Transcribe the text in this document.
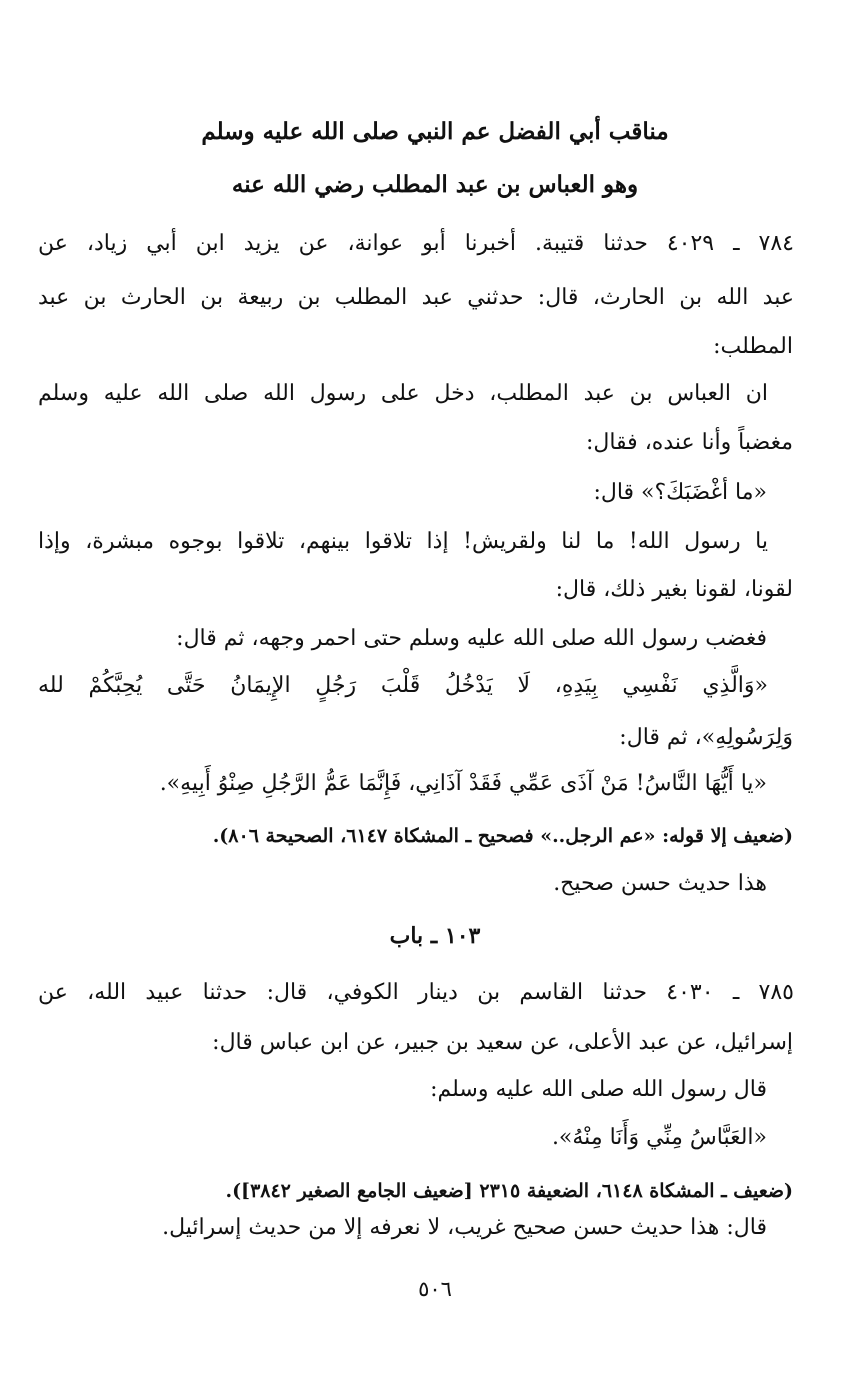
مناقب أبي الفضل عم النبي صلى الله عليه وسلم

وهو العباس بن عبد المطلب رضي الله عنه

٧٨٤ ـ ٤٠٢٩ حدثنا قتيبة. أخبرنا أبو عوانة، عن يزيد ابن أبي زياد، عن

عبد الله بن الحارث، قال: حدثني عبد المطلب بن ربيعة بن الحارث بن عبد

المطلب:

ان العباس بن عبد المطلب، دخل على رسول الله صلى الله عليه وسلم

مغضباً وأنا عنده، فقال:

«ما أغْضَبَكَ؟» قال:

يا رسول الله! ما لنا ولقريش! إذا تلاقوا بينهم، تلاقوا بوجوه مبشرة، وإذا

لقونا، لقونا بغير ذلك، قال:

فغضب رسول الله صلى الله عليه وسلم حتى احمر وجهه، ثم قال:

«وَالَّذِي نَفْسِي بِيَدِهِ، لَا يَدْخُلُ قَلْبَ رَجُلٍ الإِيمَانُ حَتَّى يُحِبَّكُمْ لله

وَلِرَسُولِهِ»، ثم قال:

«يا أَيُّهَا النَّاسُ! مَنْ آذَى عَمِّي فَقَدْ آذَانِي، فَإِنَّمَا عَمُّ الرَّجُلِ صِنْوُ أَبِيهِ».

(ضعيف إلا قوله: «عم الرجل..» فصحيح ـ المشكاة ٦١٤٧، الصحيحة ٨٠٦).

هذا حديث حسن صحيح.

١٠٣ ـ باب

٧٨٥ ـ ٤٠٣٠ حدثنا القاسم بن دينار الكوفي، قال: حدثنا عبيد الله، عن

إسرائيل، عن عبد الأعلى، عن سعيد بن جبير، عن ابن عباس قال:

قال رسول الله صلى الله عليه وسلم:

«العَبَّاسُ مِنِّي وَأَنَا مِنْهُ».

(ضعيف ـ المشكاة ٦١٤٨، الضعيفة ٢٣١٥ [ضعيف الجامع الصغير ٣٨٤٢]).

قال: هذا حديث حسن صحيح غريب، لا نعرفه إلا من حديث إسرائيل.

٥٠٦
